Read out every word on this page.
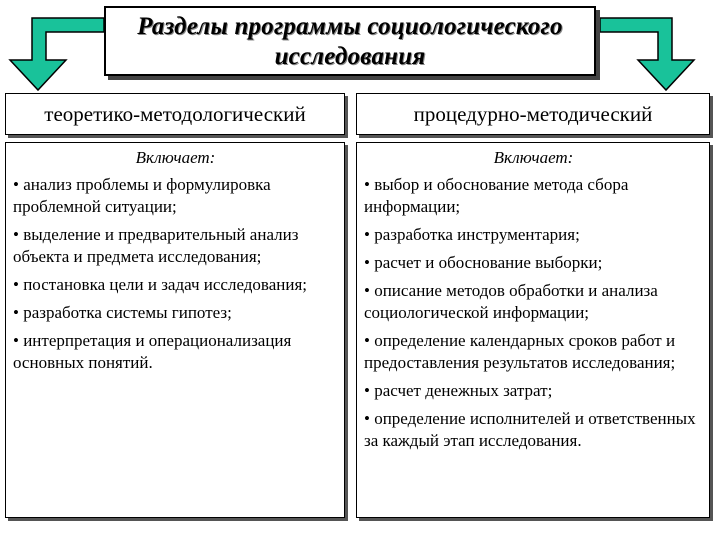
Разделы программы социологического
исследования
теоретико-методологический	процедурно-методический
Включает:
• анализ проблемы и формулировка проблемной ситуации;
• выделение и предварительный анализ объекта и предмета исследования;
• постановка цели и задач исследования;
• разработка системы гипотез;
• интерпретация и операционализация основных понятий.
Включает:
• выбор и обоснование метода сбора информации;
• разработка инструментария;
• расчет и обоснование выборки;
• описание методов обработки и анализа социологической информации;
• определение календарных сроков работ и предоставления результатов исследования;
• расчет денежных затрат;
• определение исполнителей и ответственных за каждый этап исследования.
